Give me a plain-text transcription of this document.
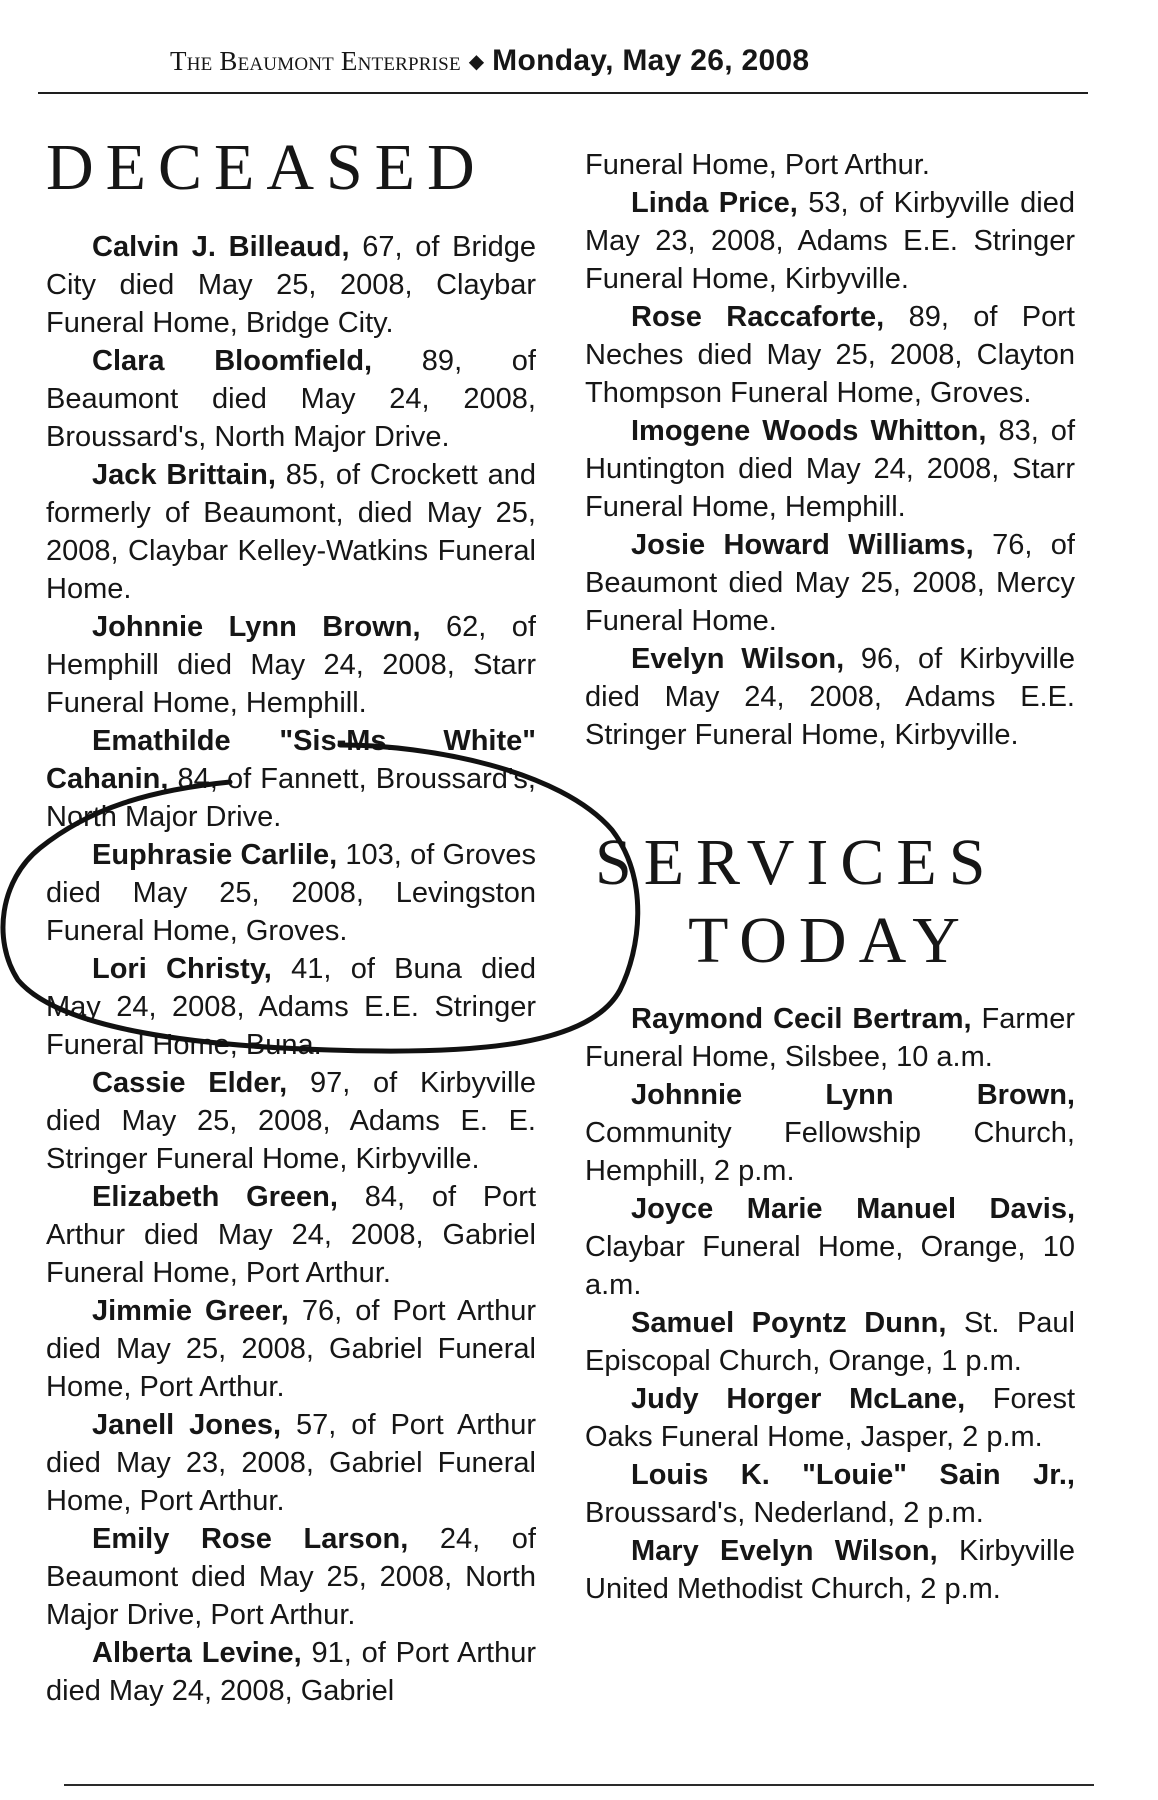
The Beaumont Enterprise ◆ Monday, May 26, 2008
DECEASED

Calvin J. Billeaud, 67, of Bridge City died May 25, 2008, Claybar Funeral Home, Bridge City.

Clara Bloomfield, 89, of Beaumont died May 24, 2008, Broussard's, North Major Drive.

Jack Brittain, 85, of Crockett and formerly of Beaumont, died May 25, 2008, Claybar Kelley-Watkins Funeral Home.

Johnnie Lynn Brown, 62, of Hemphill died May 24, 2008, Starr Funeral Home, Hemphill.

Emathilde "Sis-Ms. White" Cahanin, 84, of Fannett, Broussard's, North Major Drive.

Euphrasie Carlile, 103, of Groves died May 25, 2008, Levingston Funeral Home, Groves.

Lori Christy, 41, of Buna died May 24, 2008, Adams E.E. Stringer Funeral Home, Buna.

Cassie Elder, 97, of Kirbyville died May 25, 2008, Adams E. E. Stringer Funeral Home, Kirbyville.

Elizabeth Green, 84, of Port Arthur died May 24, 2008, Gabriel Funeral Home, Port Arthur.

Jimmie Greer, 76, of Port Arthur died May 25, 2008, Gabriel Funeral Home, Port Arthur.

Janell Jones, 57, of Port Arthur died May 23, 2008, Gabriel Funeral Home, Port Arthur.

Emily Rose Larson, 24, of Beaumont died May 25, 2008, North Major Drive, Port Arthur.

Alberta Levine, 91, of Port Arthur died May 24, 2008, Gabriel

Funeral Home, Port Arthur.

Linda Price, 53, of Kirbyville died May 23, 2008, Adams E.E. Stringer Funeral Home, Kirbyville.

Rose Raccaforte, 89, of Port Neches died May 25, 2008, Clayton Thompson Funeral Home, Groves.

Imogene Woods Whitton, 83, of Huntington died May 24, 2008, Starr Funeral Home, Hemphill.

Josie Howard Williams, 76, of Beaumont died May 25, 2008, Mercy Funeral Home.

Evelyn Wilson, 96, of Kirbyville died May 24, 2008, Adams E.E. Stringer Funeral Home, Kirbyville.

SERVICES
TODAY

Raymond Cecil Bertram, Farmer Funeral Home, Silsbee, 10 a.m.

Johnnie Lynn Brown, Community Fellowship Church, Hemphill, 2 p.m.

Joyce Marie Manuel Davis, Claybar Funeral Home, Orange, 10 a.m.

Samuel Poyntz Dunn, St. Paul Episcopal Church, Orange, 1 p.m.

Judy Horger McLane, Forest Oaks Funeral Home, Jasper, 2 p.m.

Louis K. "Louie" Sain Jr., Broussard's, Nederland, 2 p.m.

Mary Evelyn Wilson, Kirbyville United Methodist Church, 2 p.m.
